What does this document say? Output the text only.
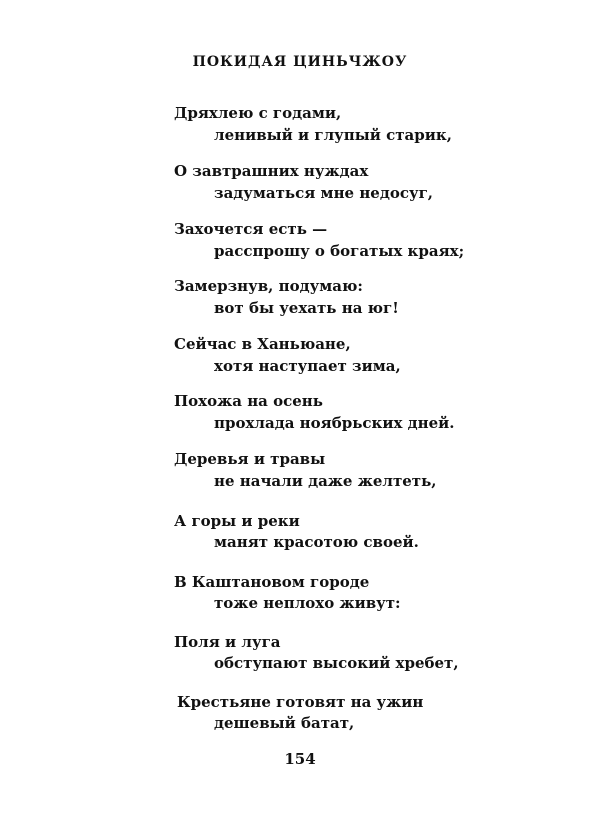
ПОКИДАЯ ЦИНЬЧЖОУ
Дряхлею с годами,
ленивый и глупый старик,
О завтрашних нуждах
задуматься мне недосуг,
Захочется есть —
расспрошу о богатых краях;
Замерзнув, подумаю:
вот бы уехать на юг!
Сейчас в Ханьюане,
хотя наступает зима,
Похожа на осень
прохлада ноябрьских дней.
Деревья и травы
не начали даже желтеть,
А горы и реки
манят красотою своей.
В Каштановом городе
тоже неплохо живут:
Поля и луга
обступают высокий хребет,
Крестьяне готовят на ужин
дешевый батат,
154
